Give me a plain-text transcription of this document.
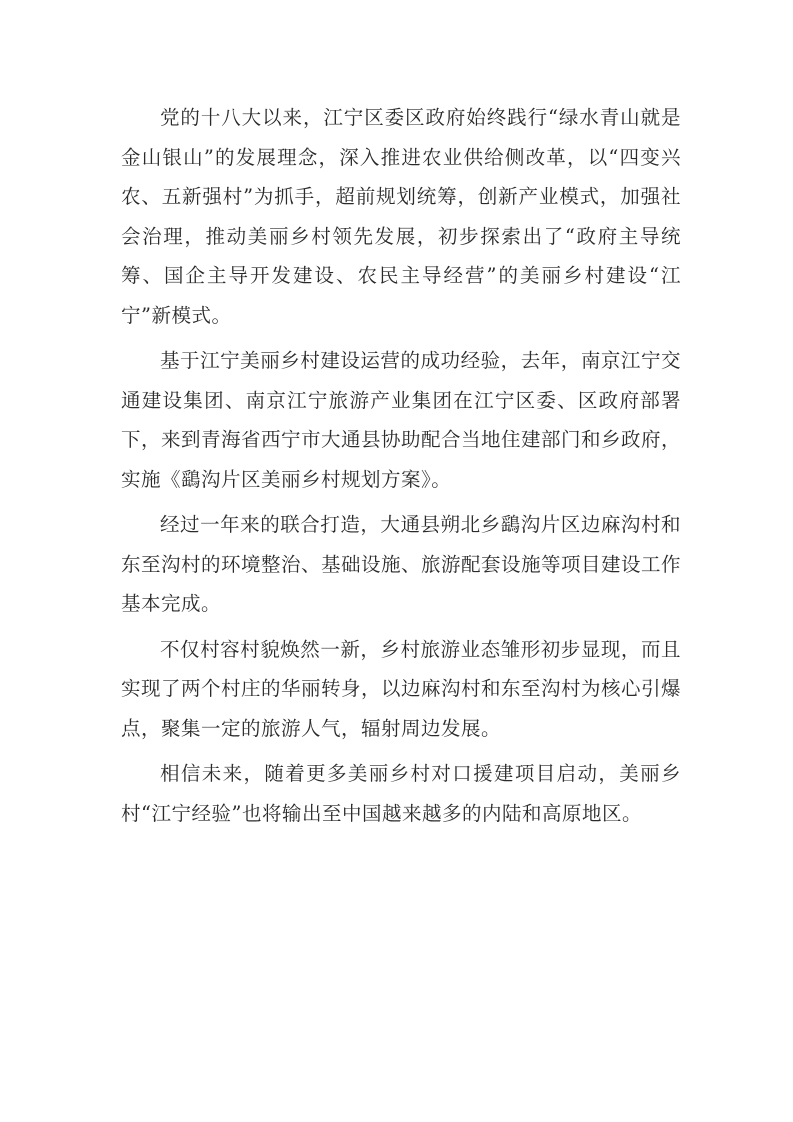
党的十八大以来，江宁区委区政府始终践行“绿水青山就是金山银山”的发展理念，深入推进农业供给侧改革，以“四变兴农、五新强村”为抓手，超前规划统筹，创新产业模式，加强社会治理，推动美丽乡村领先发展，初步探索出了“政府主导统筹、国企主导开发建设、农民主导经营”的美丽乡村建设“江宁”新模式。

基于江宁美丽乡村建设运营的成功经验，去年，南京江宁交通建设集团、南京江宁旅游产业集团在江宁区委、区政府部署下，来到青海省西宁市大通县协助配合当地住建部门和乡政府，实施《鷂沟片区美丽乡村规划方案》。

经过一年来的联合打造，大通县朔北乡鷂沟片区边麻沟村和东至沟村的环境整治、基础设施、旅游配套设施等项目建设工作基本完成。

不仅村容村貌焕然一新，乡村旅游业态雏形初步显现，而且实现了两个村庄的华丽转身，以边麻沟村和东至沟村为核心引爆点，聚集一定的旅游人气，辐射周边发展。

相信未来，随着更多美丽乡村对口援建项目启动，美丽乡村“江宁经验”也将输出至中国越来越多的内陆和高原地区。
